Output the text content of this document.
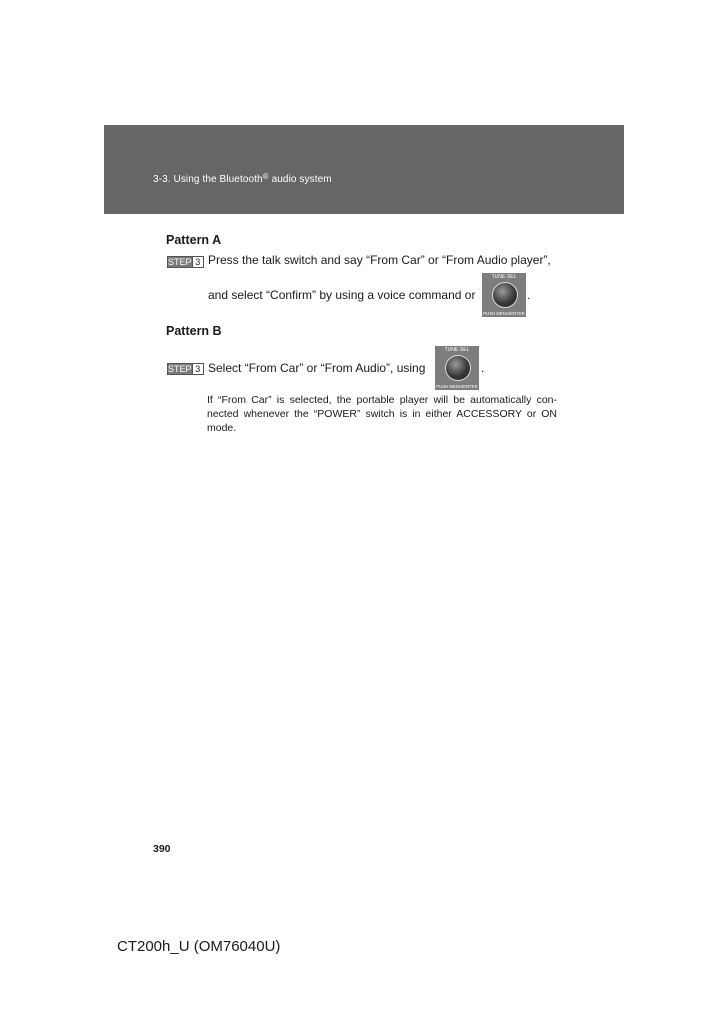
3-3. Using the Bluetooth® audio system
Pattern A
STEP 3 Press the talk switch and say “From Car” or “From Audio player”,
and select “Confirm” by using a voice command or
TUNE·SEL
PUSH MENU/ENTER
.
Pattern B
STEP 3 Select “From Car” or “From Audio”, using
TUNE·SEL
PUSH MENU/ENTER
.
If “From Car” is selected, the portable player will be automatically con-nected whenever the “POWER” switch is in either ACCESSORY or ON mode.
390
CT200h_U (OM76040U)
